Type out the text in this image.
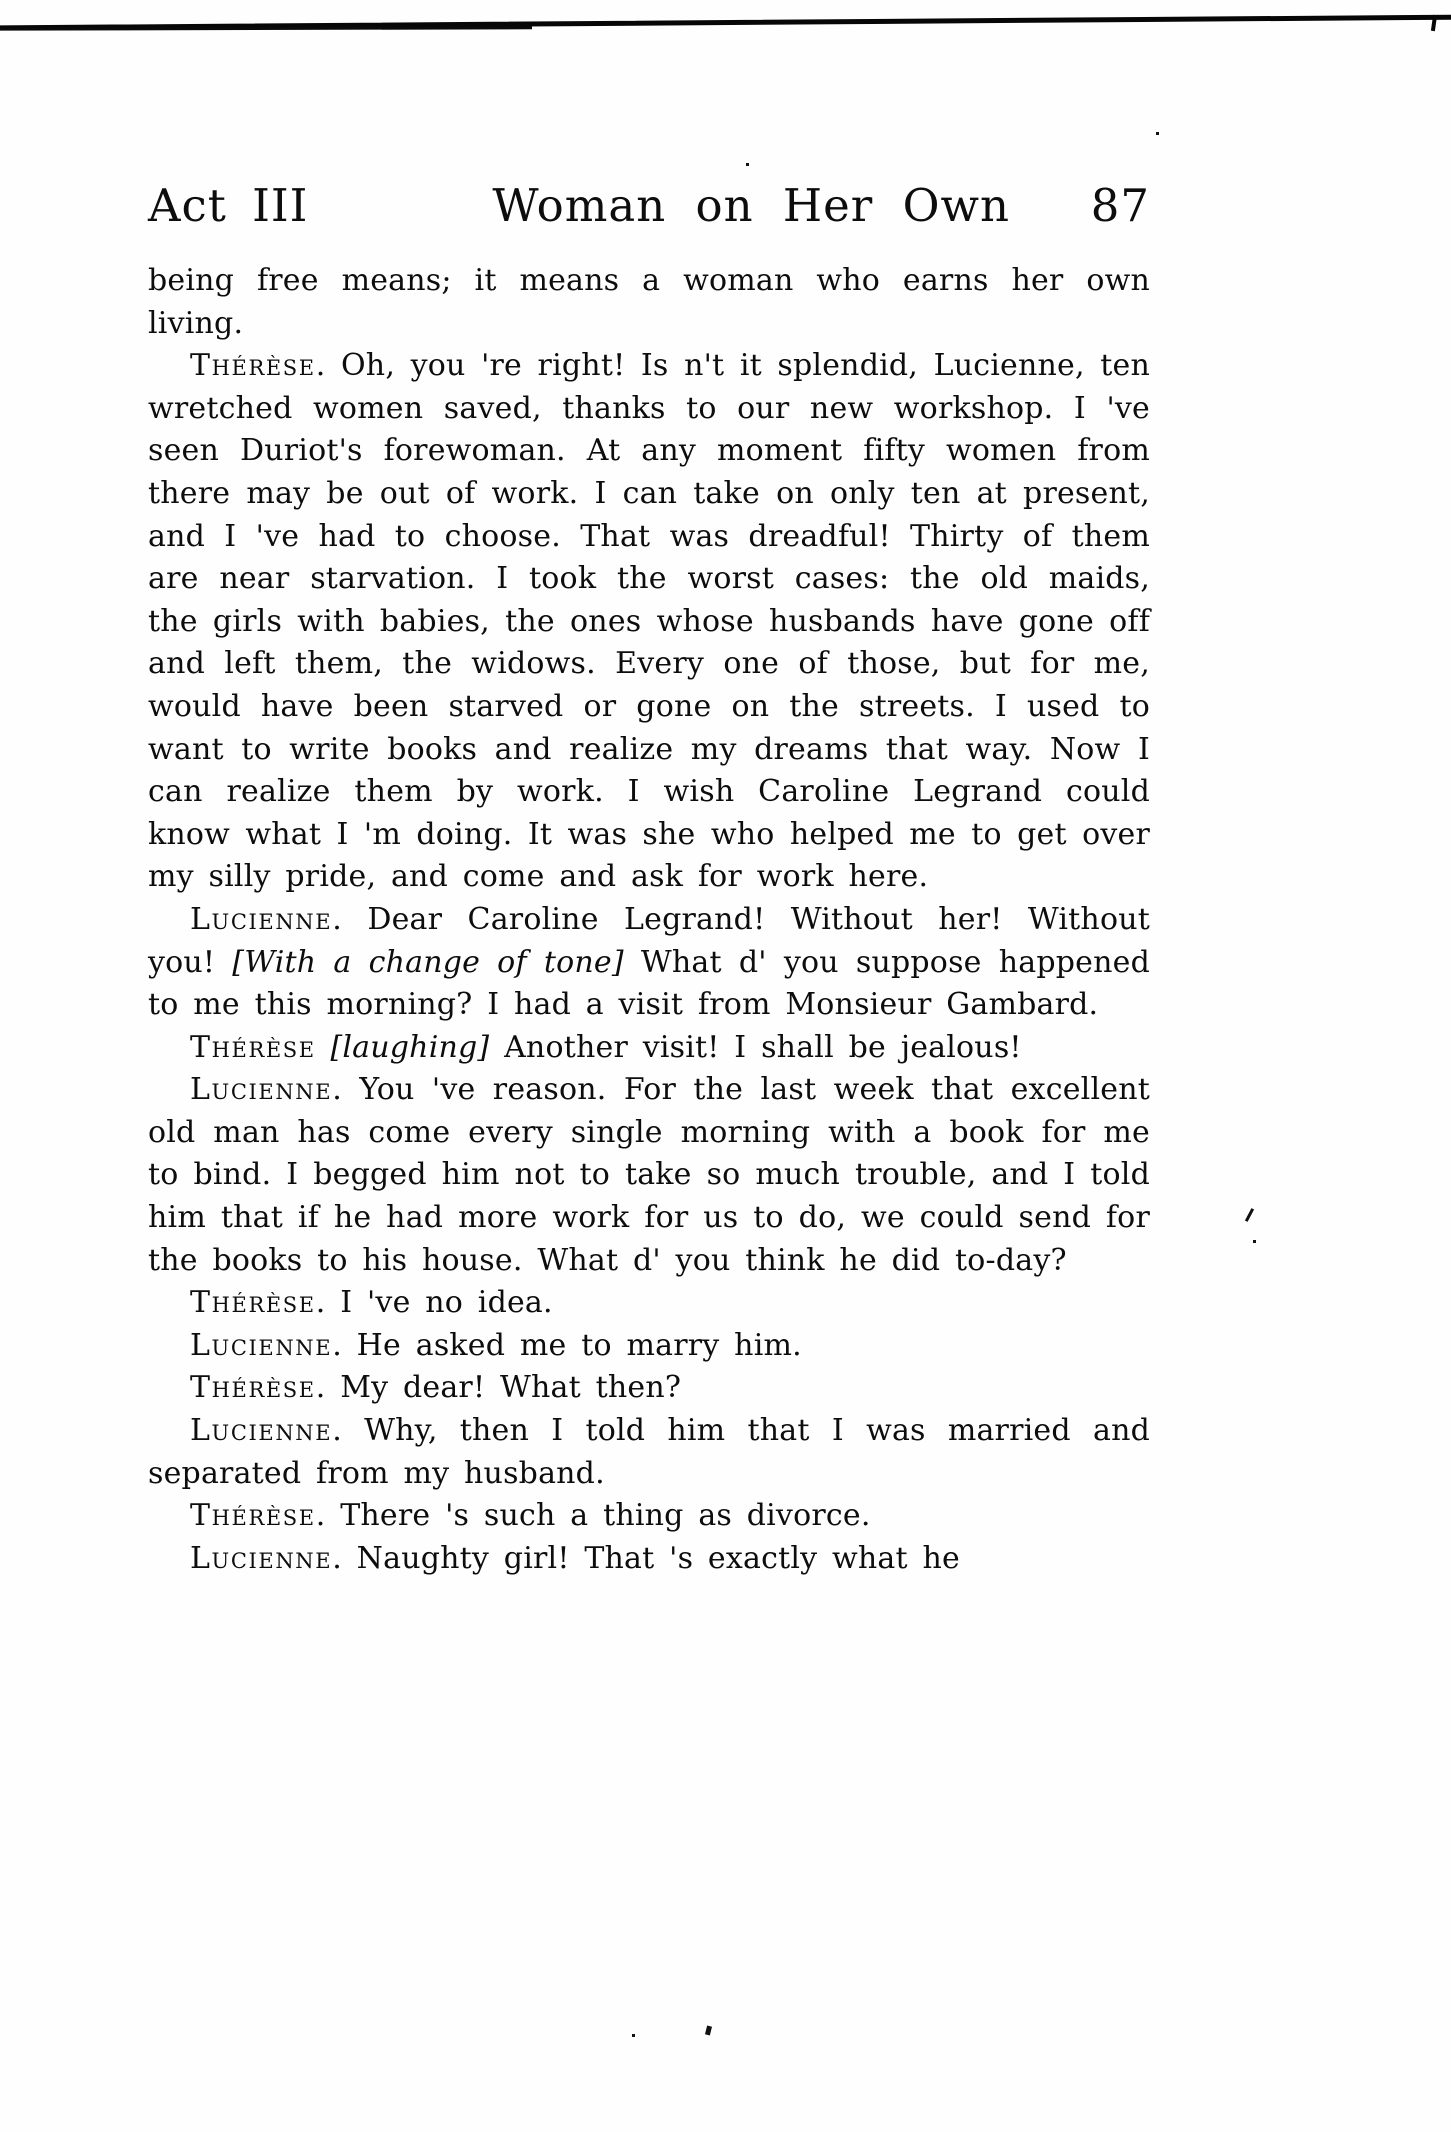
Act III	Woman on Her Own 87

being free means; it means a woman who earns her own living.

Thérèse. Oh, you 're right! Is n't it splendid, Lucienne, ten wretched women saved, thanks to our new workshop. I 've seen Duriot's forewoman. At any moment fifty women from there may be out of work. I can take on only ten at present, and I 've had to choose. That was dreadful! Thirty of them are near starvation. I took the worst cases: the old maids, the girls with babies, the ones whose husbands have gone off and left them, the widows. Every one of those, but for me, would have been starved or gone on the streets. I used to want to write books and realize my dreams that way. Now I can realize them by work. I wish Caroline Legrand could know what I 'm doing. It was she who helped me to get over my silly pride, and come and ask for work here.

Lucienne. Dear Caroline Legrand! Without her! Without you! [With a change of tone] What d' you suppose happened to me this morning? I had a visit from Monsieur Gambard.

Thérèse [laughing] Another visit! I shall be jealous!

Lucienne. You 've reason. For the last week that excellent old man has come every single morning with a book for me to bind. I begged him not to take so much trouble, and I told him that if he had more work for us to do, we could send for the books to his house. What d' you think he did to-day?

Thérèse. I 've no idea.

Lucienne. He asked me to marry him.

Thérèse. My dear! What then?

Lucienne. Why, then I told him that I was married and separated from my husband.

Thérèse. There 's such a thing as divorce.

Lucienne. Naughty girl! That 's exactly what he
